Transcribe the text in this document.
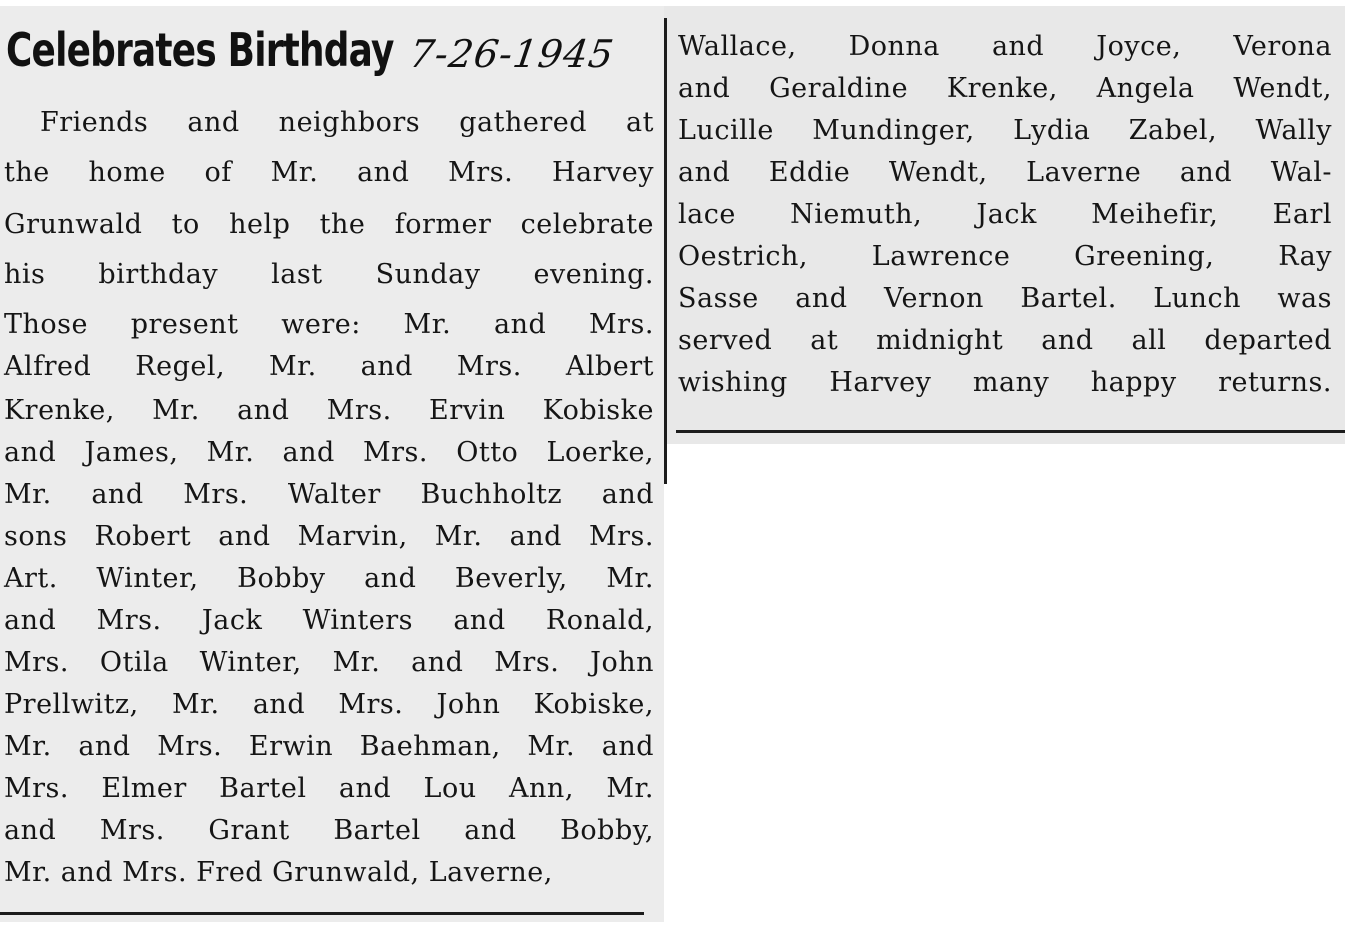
Celebrates Birthday 7-26-1945
Friends and neighbors gathered at
the home of Mr. and Mrs. Harvey
Grunwald to help the former celebrate
his birthday last Sunday evening.
Those present were: Mr. and Mrs.
Alfred Regel, Mr. and Mrs. Albert
Krenke, Mr. and Mrs. Ervin Kobiske
and James, Mr. and Mrs. Otto Loerke,
Mr. and Mrs. Walter Buchholtz and
sons Robert and Marvin, Mr. and Mrs.
Art. Winter, Bobby and Beverly, Mr.
and Mrs. Jack Winters and Ronald,
Mrs. Otila Winter, Mr. and Mrs. John
Prellwitz, Mr. and Mrs. John Kobiske,
Mr. and Mrs. Erwin Baehman, Mr. and
Mrs. Elmer Bartel and Lou Ann, Mr.
and Mrs. Grant Bartel and Bobby,
Mr. and Mrs. Fred Grunwald, Laverne,
Wallace, Donna and Joyce, Verona
and Geraldine Krenke, Angela Wendt,
Lucille Mundinger, Lydia Zabel, Wally
and Eddie Wendt, Laverne and Wal-
lace Niemuth, Jack Meihefir, Earl
Oestrich, Lawrence Greening, Ray
Sasse and Vernon Bartel. Lunch was
served at midnight and all departed
wishing Harvey many happy returns.
